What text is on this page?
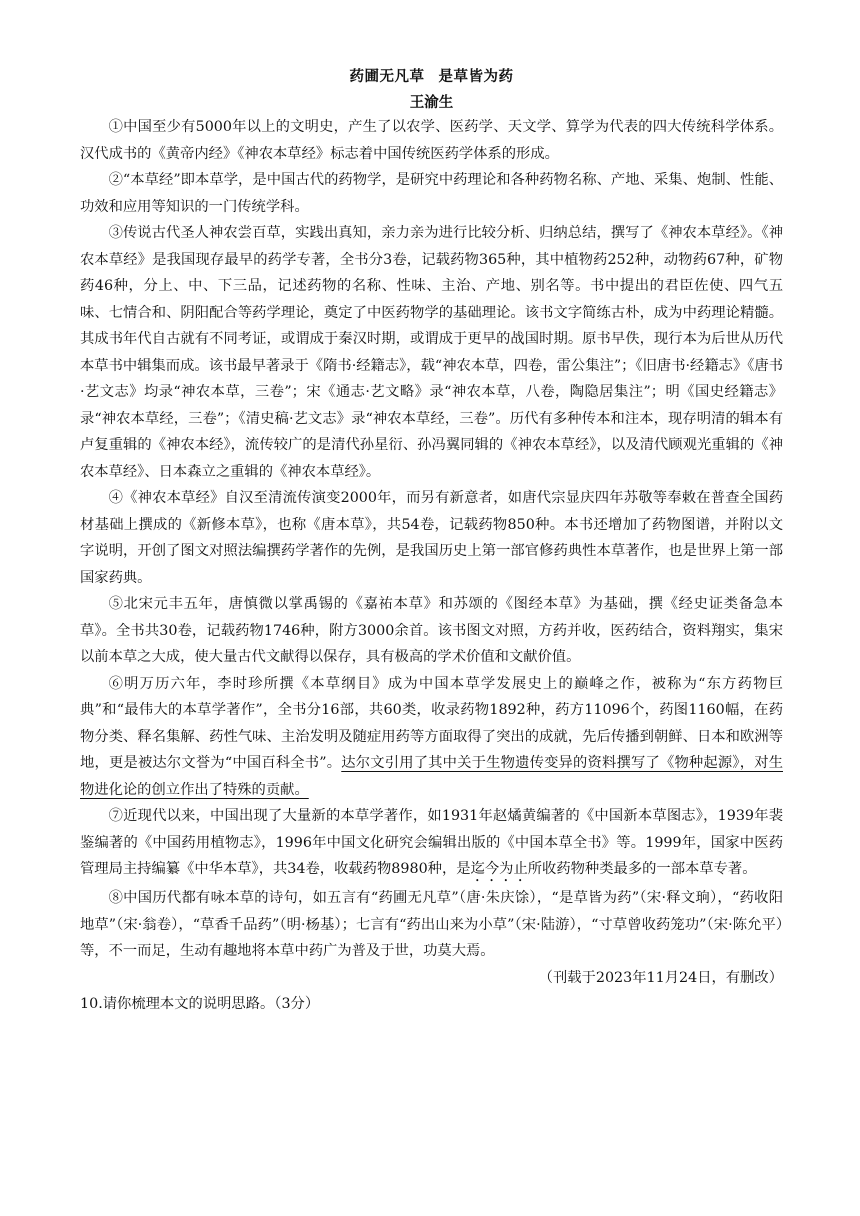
药圃无凡草 是草皆为药
王渝生

①中国至少有5000年以上的文明史，产生了以农学、医药学、天文学、算学为代表的四大传统科学体系。汉代成书的《黄帝内经》《神农本草经》标志着中国传统医药学体系的形成。

②“本草经”即本草学，是中国古代的药物学，是研究中药理论和各种药物名称、产地、采集、炮制、性能、功效和应用等知识的一门传统学科。

③传说古代圣人神农尝百草，实践出真知，亲力亲为进行比较分析、归纳总结，撰写了《神农本草经》。《神农本草经》是我国现存最早的药学专著，全书分3卷，记载药物365种，其中植物药252种，动物药67种，矿物药46种，分上、中、下三品，记述药物的名称、性味、主治、产地、别名等。书中提出的君臣佐使、四气五味、七情合和、阴阳配合等药学理论，奠定了中医药物学的基础理论。该书文字简练古朴，成为中药理论精髓。其成书年代自古就有不同考证，或谓成于秦汉时期，或谓成于更早的战国时期。原书早佚，现行本为后世从历代本草书中辑集而成。该书最早著录于《隋书·经籍志》，载“神农本草，四卷，雷公集注”；《旧唐书·经籍志》《唐书·艺文志》均录“神农本草，三卷”；宋《通志·艺文略》录“神农本草，八卷，陶隐居集注”；明《国史经籍志》录“神农本草经，三卷”；《清史稿·艺文志》录“神农本草经，三卷”。历代有多种传本和注本，现存明清的辑本有卢复重辑的《神农本经》，流传较广的是清代孙星衍、孙冯翼同辑的《神农本草经》，以及清代顾观光重辑的《神农本草经》、日本森立之重辑的《神农本草经》。

④《神农本草经》自汉至清流传演变2000年，而另有新意者，如唐代宗显庆四年苏敬等奉敕在普查全国药材基础上撰成的《新修本草》，也称《唐本草》，共54卷，记载药物850种。本书还增加了药物图谱，并附以文字说明，开创了图文对照法编撰药学著作的先例，是我国历史上第一部官修药典性本草著作，也是世界上第一部国家药典。

⑤北宋元丰五年，唐慎微以掌禹锡的《嘉祐本草》和苏颂的《图经本草》为基础，撰《经史证类备急本草》。全书共30卷，记载药物1746种，附方3000余首。该书图文对照，方药并收，医药结合，资料翔实，集宋以前本草之大成，使大量古代文献得以保存，具有极高的学术价值和文献价值。

⑥明万历六年，李时珍所撰《本草纲目》成为中国本草学发展史上的巅峰之作，被称为“东方药物巨典”和“最伟大的本草学著作”，全书分16部，共60类，收录药物1892种，药方11096个，药图1160幅，在药物分类、释名集解、药性气味、主治发明及随症用药等方面取得了突出的成就，先后传播到朝鲜、日本和欧洲等地，更是被达尔文誉为“中国百科全书”。达尔文引用了其中关于生物遗传变异的资料撰写了《物种起源》，对生物进化论的创立作出了特殊的贡献。

⑦近现代以来，中国出现了大量新的本草学著作，如1931年赵燏黄编著的《中国新本草图志》，1939年裴鉴编著的《中国药用植物志》，1996年中国文化研究会编辑出版的《中国本草全书》等。1999年，国家中医药管理局主持编纂《中华本草》，共34卷，收载药物8980种，是迄今为止所收药物种类最多的一部本草专著。

⑧中国历代都有咏本草的诗句，如五言有“药圃无凡草”（唐·朱庆馀），“是草皆为药”（宋·释文珦），“药收阳地草”（宋·翁卷），“草香千品药”（明·杨基）；七言有“药出山来为小草”（宋·陆游），“寸草曾收药笼功”（宋·陈允平）等，不一而足，生动有趣地将本草中药广为普及于世，功莫大焉。

（刊载于2023年11月24日，有删改）

10.请你梳理本文的说明思路。（3分）
